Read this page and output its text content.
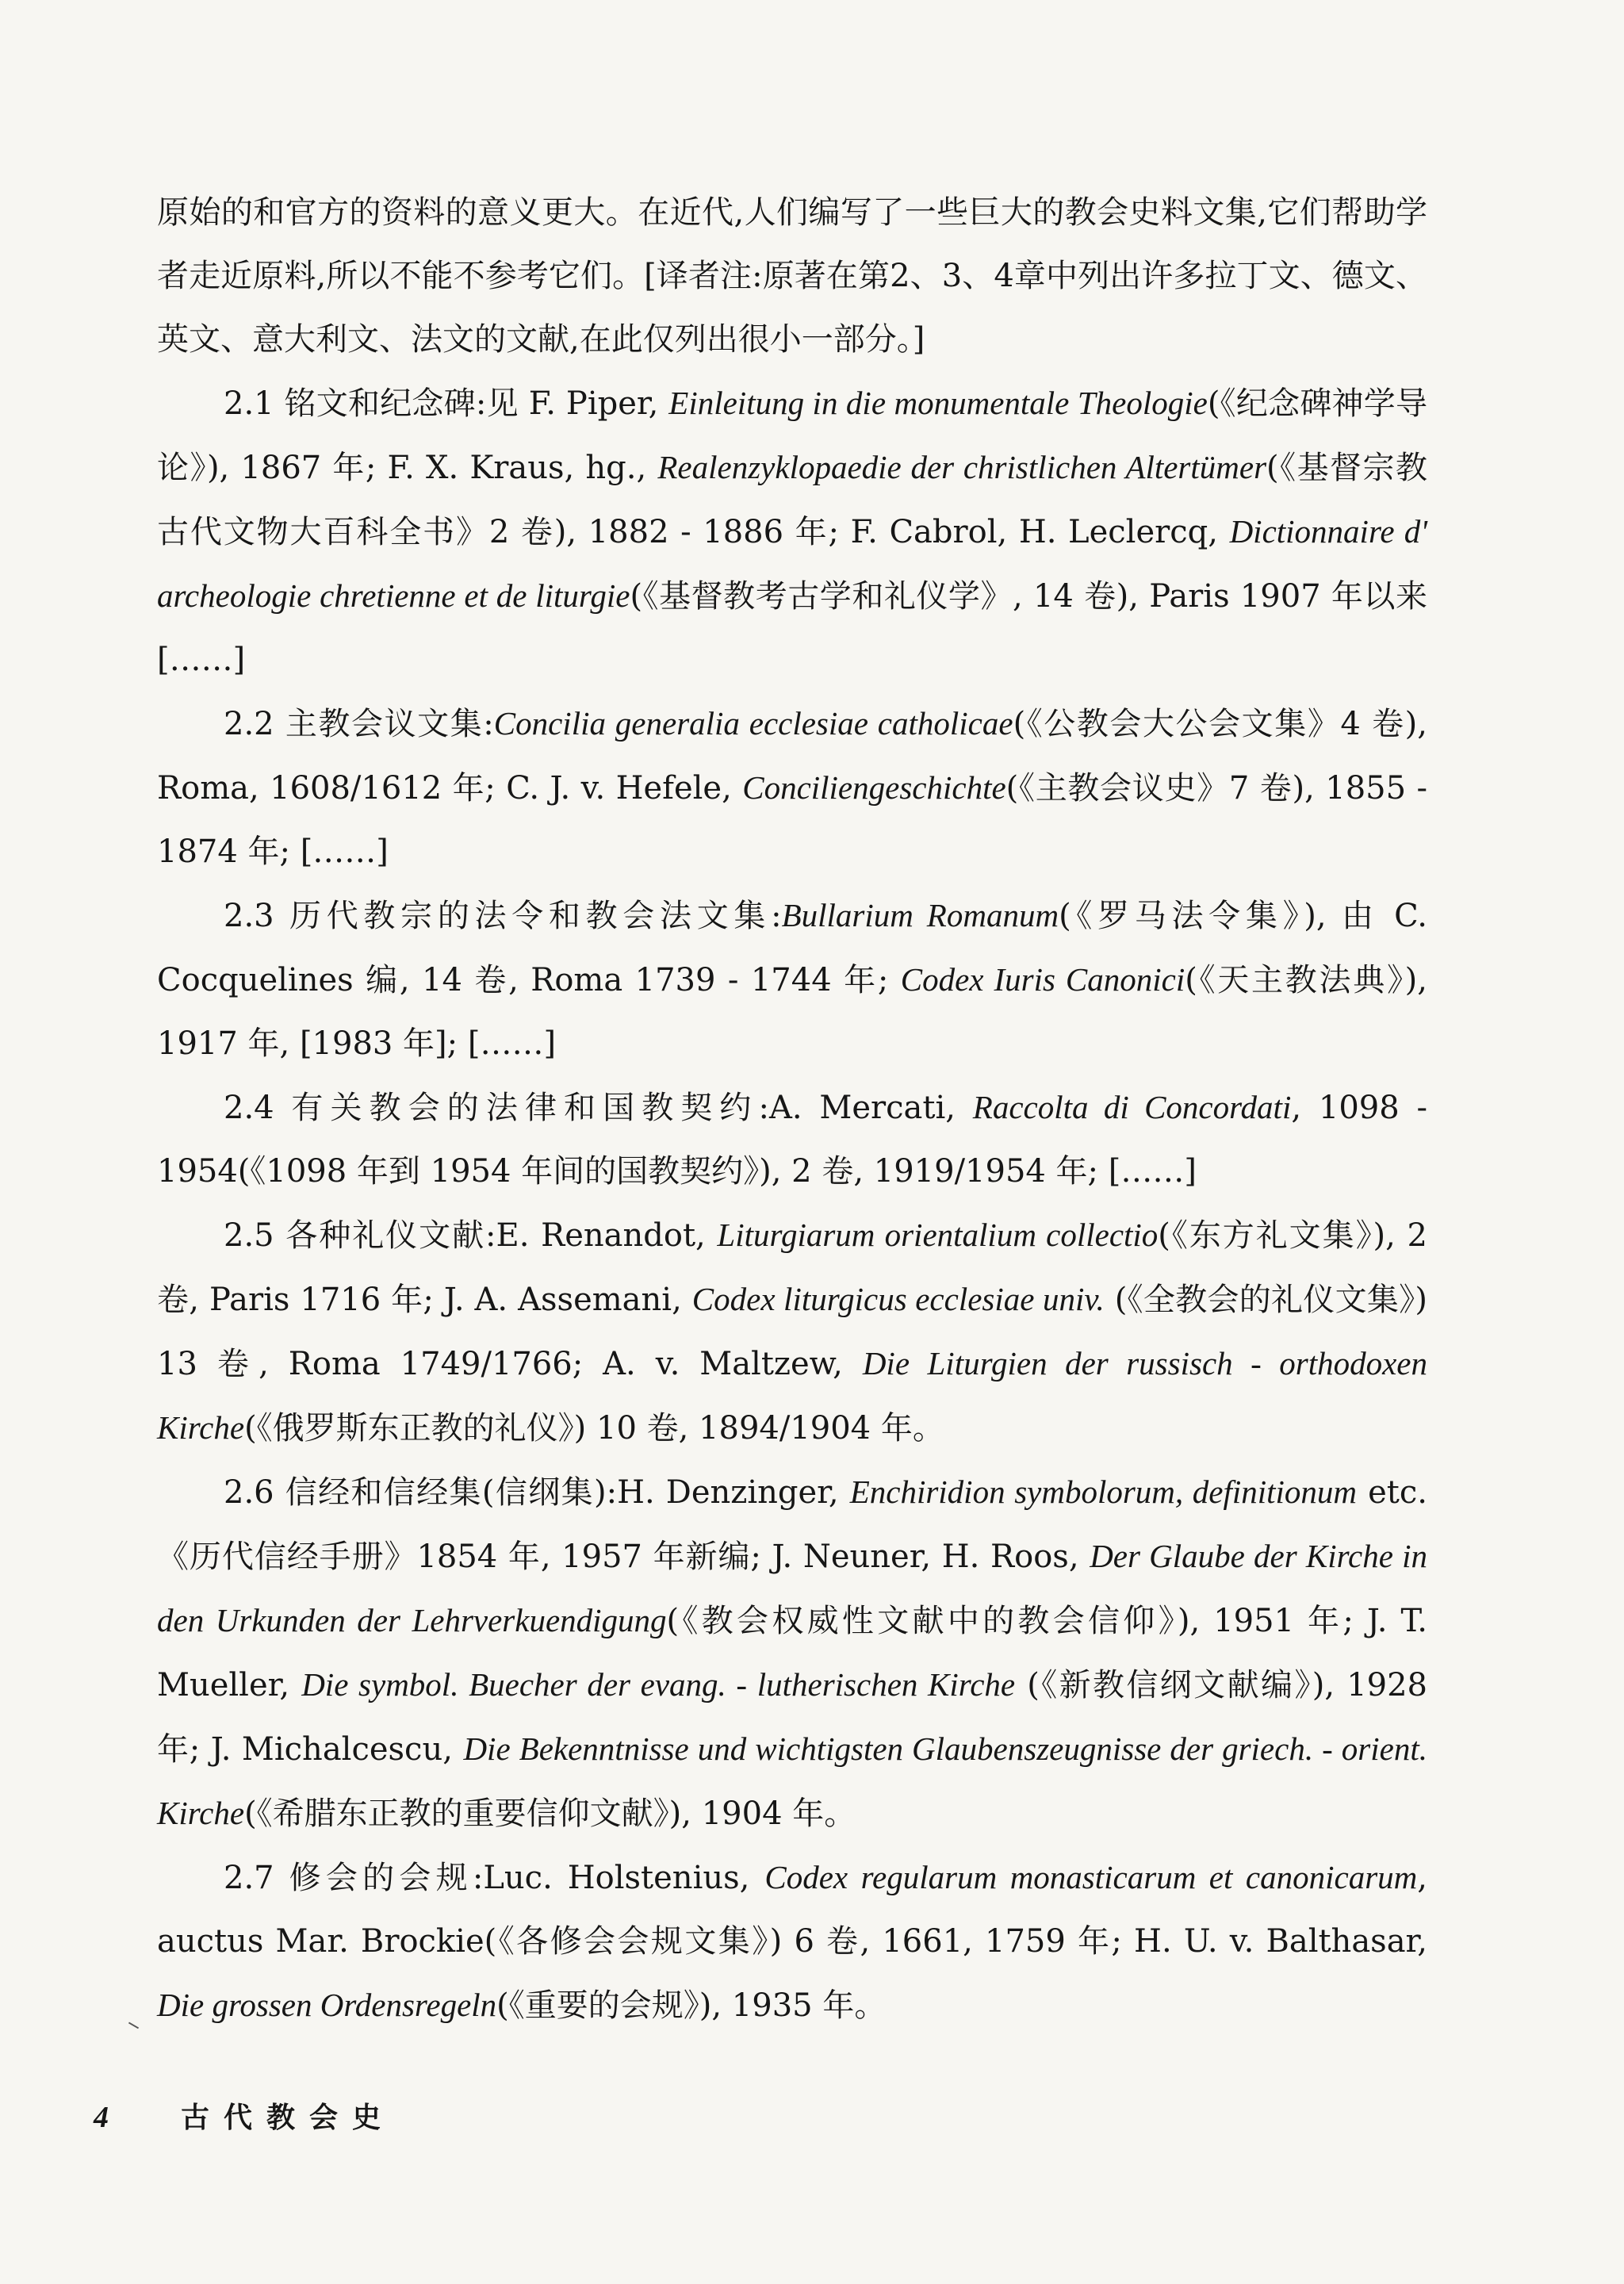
原始的和官方的资料的意义更大。在近代,人们编写了一些巨大的教会史料文集,它们帮助学者走近原料,所以不能不参考它们。[译者注:原著在第2、3、4章中列出许多拉丁文、德文、英文、意大利文、法文的文献,在此仅列出很小一部分。]

2.1 铭文和纪念碑:见 F. Piper, Einleitung in die monumentale Theologie(《纪念碑神学导论》), 1867 年; F. X. Kraus, hg., Realenzyklopaedie der christlichen Altertümer(《基督宗教古代文物大百科全书》2 卷), 1882 - 1886 年; F. Cabrol, H. Leclercq, Dictionnaire d' archeologie chretienne et de liturgie(《基督教考古学和礼仪学》, 14 卷), Paris 1907 年以来 [……]

2.2 主教会议文集:Concilia generalia ecclesiae catholicae(《公教会大公会文集》4 卷), Roma, 1608/1612 年; C. J. v. Hefele, Conciliengeschichte(《主教会议史》7 卷), 1855 - 1874 年; [……]

2.3 历代教宗的法令和教会法文集:Bullarium Romanum(《罗马法令集》), 由 C. Cocquelines 编, 14 卷, Roma 1739 - 1744 年; Codex Iuris Canonici(《天主教法典》), 1917 年, [1983 年]; [……]

2.4 有关教会的法律和国教契约:A. Mercati, Raccolta di Concordati, 1098 - 1954(《1098 年到 1954 年间的国教契约》), 2 卷, 1919/1954 年; [……]

2.5 各种礼仪文献:E. Renandot, Liturgiarum orientalium collectio(《东方礼文集》), 2 卷, Paris 1716 年; J. A. Assemani, Codex liturgicus ecclesiae univ. (《全教会的礼仪文集》) 13 卷, Roma 1749/1766; A. v. Maltzew, Die Liturgien der russisch - orthodoxen Kirche(《俄罗斯东正教的礼仪》) 10 卷, 1894/1904 年。

2.6 信经和信经集(信纲集):H. Denzinger, Enchiridion symbolorum, definitionum etc. 《历代信经手册》1854 年, 1957 年新编; J. Neuner, H. Roos, Der Glaube der Kirche in den Urkunden der Lehrverkuendigung(《教会权威性文献中的教会信仰》), 1951 年; J. T. Mueller, Die symbol. Buecher der evang. - lutherischen Kirche (《新教信纲文献编》), 1928 年; J. Michalcescu, Die Bekenntnisse und wichtigsten Glaubenszeugnisse der griech. - orient. Kirche(《希腊东正教的重要信仰文献》), 1904 年。

2.7 修会的会规:Luc. Holstenius, Codex regularum monasticarum et canonicarum, auctus Mar. Brockie(《各修会会规文集》) 6 卷, 1661, 1759 年; H. U. v. Balthasar, Die grossen Ordensregeln(《重要的会规》), 1935 年。

4	古代教会史
